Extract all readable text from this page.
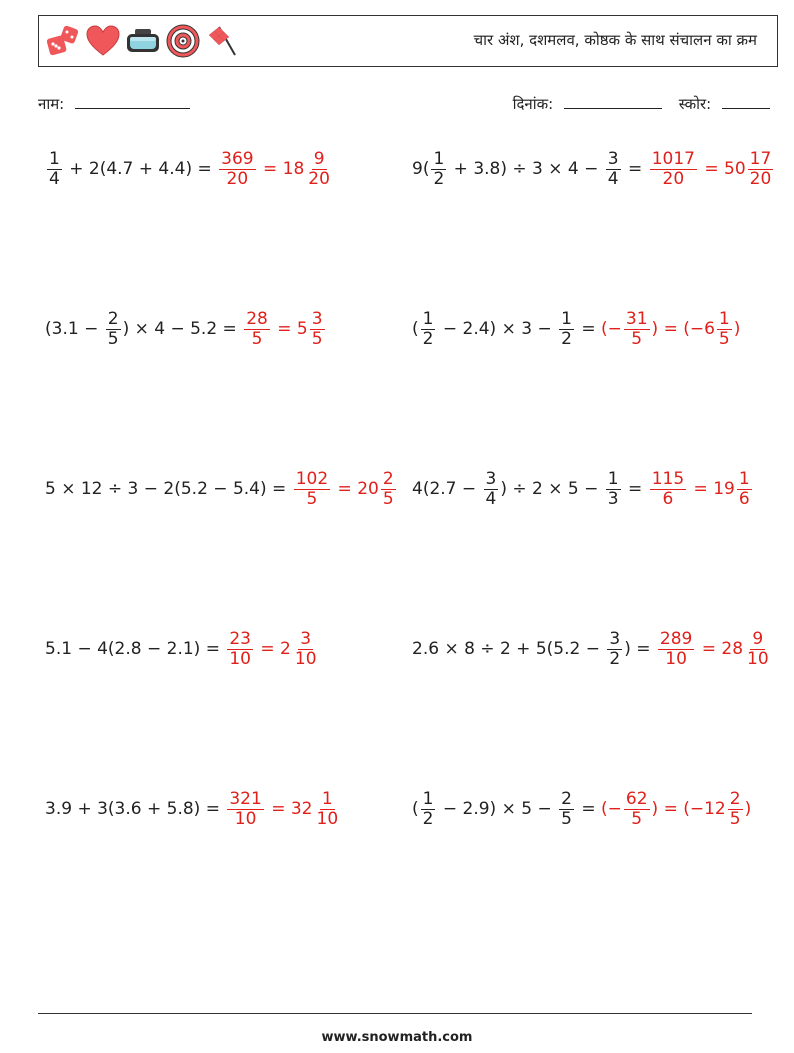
चार अंश, दशमलव, कोष्ठक के साथ संचालन का क्रम
नाम:	दिनांक:	स्कोर:
$\frac{1}{4} + 2(4.7 + 4.4)$ =
$\frac{369}{20} = 18 \frac{9}{20}$	$9( \frac{1}{2} + 3.8) \div 3 \times 4 - \frac{3}{4}$ =
$\frac{1017}{20} = 50 \frac{17}{20}$
($3.1 - \frac{2}{5}$ ) × 4 − 5.2 =
$\frac{28}{5} = 5 \frac{3}{5}$	( $\frac{1}{2} - 2.4) \times 3 - \frac{1}{2}$ =
(− $\frac{31}{5}$ ) = ($-6 \frac{1}{5}$ )
5 × 12 ÷ 3 − 2(5.2 − 5.4) =
$\frac{102}{5} = 20 \frac{2}{5} 4(2.7 - \frac{3}{4}$ ) ÷ $2 \times 5 - \frac{1}{3}$ =
$\frac{115}{6} = 19 \frac{1}{6}$
5.1 − 4(2.8 − 2.1) =
$\frac{23}{10} = 2 \frac{3}{10}$	$2.6 \times 8 \div 2 + 5(5.2 - \frac{3}{2}$ ) =
$\frac{289}{10} = 28 \frac{9}{10}$
3.9 + 3(3.6 + 5.8) =
$\frac{321}{10} = 32 \frac{1}{10}$	( $\frac{1}{2} - 2.9) \times 5 - \frac{2}{5}$ =
(− $\frac{62}{5}$ ) = ($-12 \frac{2}{5}$ )
www.snowmath.com
